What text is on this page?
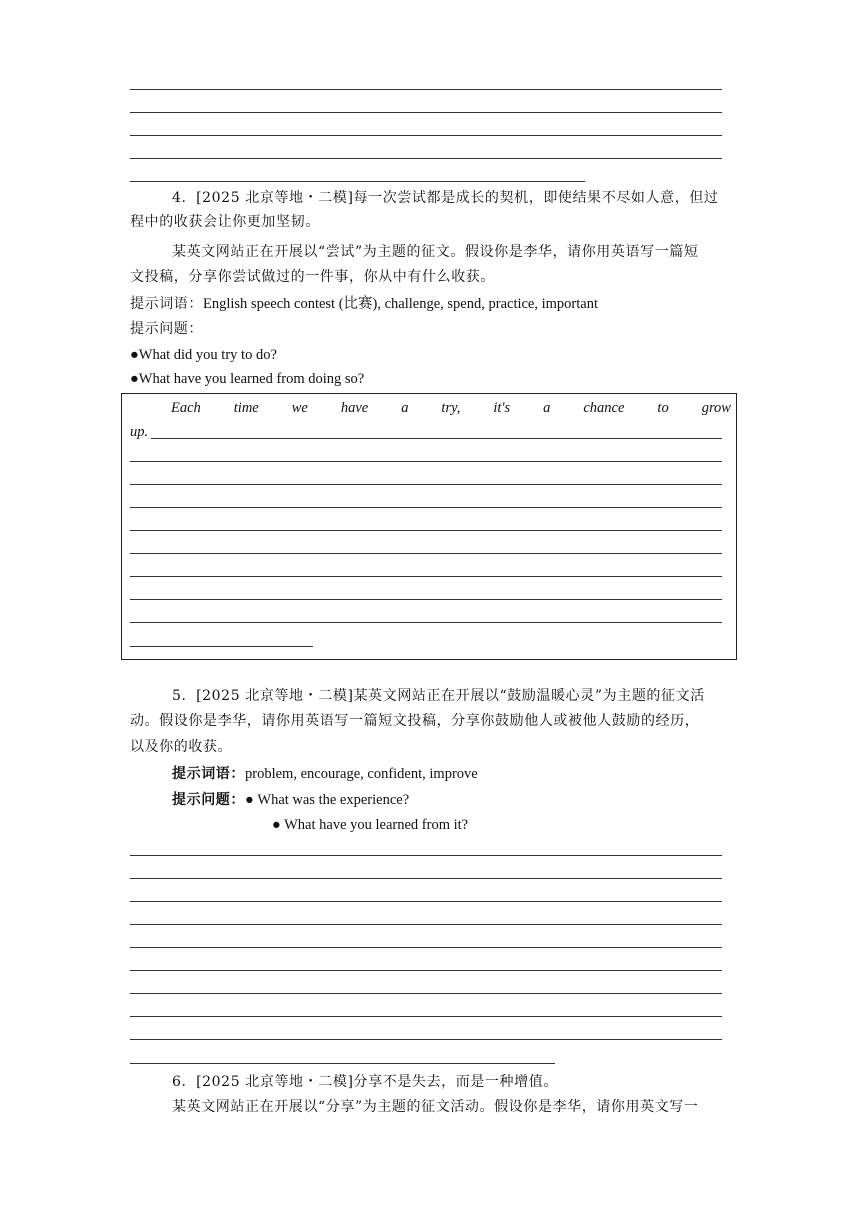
4．[2025 北京等地・二模]每一次尝试都是成长的契机，即使结果不尽如人意，但过
程中的收获会让你更加坚韧。
某英文网站正在开展以“尝试”为主题的征文。假设你是李华，请你用英语写一篇短
文投稿，分享你尝试做过的一件事，你从中有什么收获。
提示词语：English speech contest (比赛), challenge, spend, practice, important
提示问题：
●What did you try to do?
●What have you learned from doing so?
Each time we have a try, it's a chance to grow
up.
5．[2025 北京等地・二模]某英文网站正在开展以“鼓励温暖心灵”为主题的征文活
动。假设你是李华，请你用英语写一篇短文投稿，分享你鼓励他人或被他人鼓励的经历，
以及你的收获。
提示词语：problem, encourage, confident, improve
提示问题：● What was the experience?
● What have you learned from it?
6．[2025 北京等地・二模]分享不是失去，而是一种增值。
某英文网站正在开展以“分享”为主题的征文活动。假设你是李华，请你用英文写一
